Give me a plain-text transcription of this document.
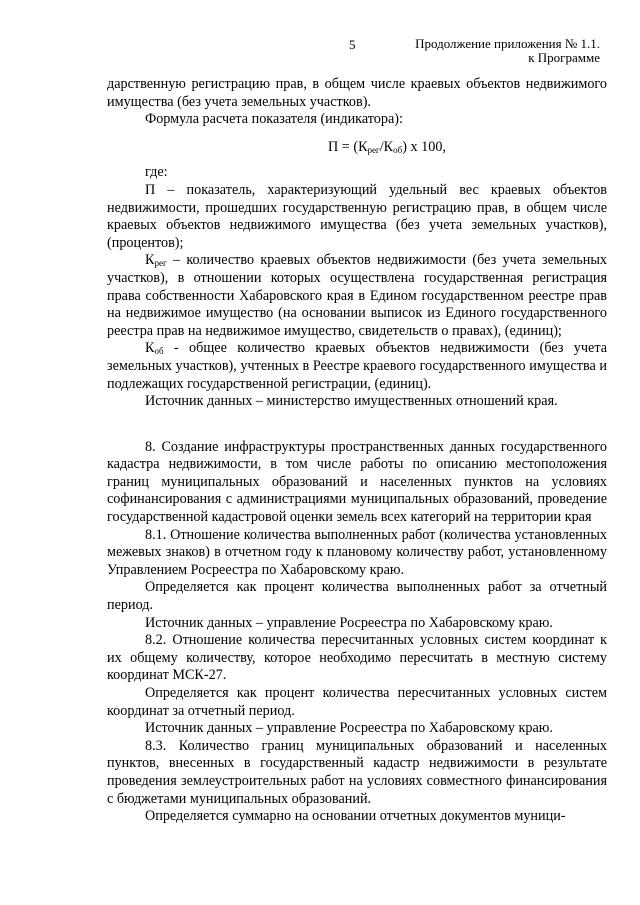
5	Продолжение приложения № 1.1.
к Программе

дарственную регистрацию прав, в общем числе краевых объектов недвижимого имущества (без учета земельных участков).

Формула расчета показателя (индикатора):

$П = (К_{рег}/К_{об})$ х 100,

где:

П – показатель, характеризующий удельный вес краевых объектов недвижимости, прошедших государственную регистрацию прав, в общем числе краевых объектов недвижимого имущества (без учета земельных участков), (процентов);

$К_{рег}$ – количество краевых объектов недвижимости (без учета земельных участков), в отношении которых осуществлена государственная регистрация права собственности Хабаровского края в Едином государственном реестре прав на недвижимое имущество (на основании выписок из Единого государственного реестра прав на недвижимое имущество, свидетельств о правах), (единиц);

$К_{об}$ - общее количество краевых объектов недвижимости (без учета земельных участков), учтенных в Реестре краевого государственного имущества и подлежащих государственной регистрации, (единиц).

Источник данных – министерство имущественных отношений края.

8. Создание инфраструктуры пространственных данных государственного кадастра недвижимости, в том числе работы по описанию местоположения границ муниципальных образований и населенных пунктов на условиях софинансирования с администрациями муниципальных образований, проведение государственной кадастровой оценки земель всех категорий на территории края

8.1. Отношение количества выполненных работ (количества установленных межевых знаков) в отчетном году к плановому количеству работ, установленному Управлением Росреестра по Хабаровскому краю.

Определяется как процент количества выполненных работ за отчетный период.

Источник данных – управление Росреестра по Хабаровскому краю.

8.2. Отношение количества пересчитанных условных систем координат к их общему количеству, которое необходимо пересчитать в местную систему координат МСК-27.

Определяется как процент количества пересчитанных условных систем координат за отчетный период.

Источник данных – управление Росреестра по Хабаровскому краю.

8.3. Количество границ муниципальных образований и населенных пунктов, внесенных в государственный кадастр недвижимости в результате проведения землеустроительных работ на условиях совместного финансирования с бюджетами муниципальных образований.

Определяется суммарно на основании отчетных документов муници-
